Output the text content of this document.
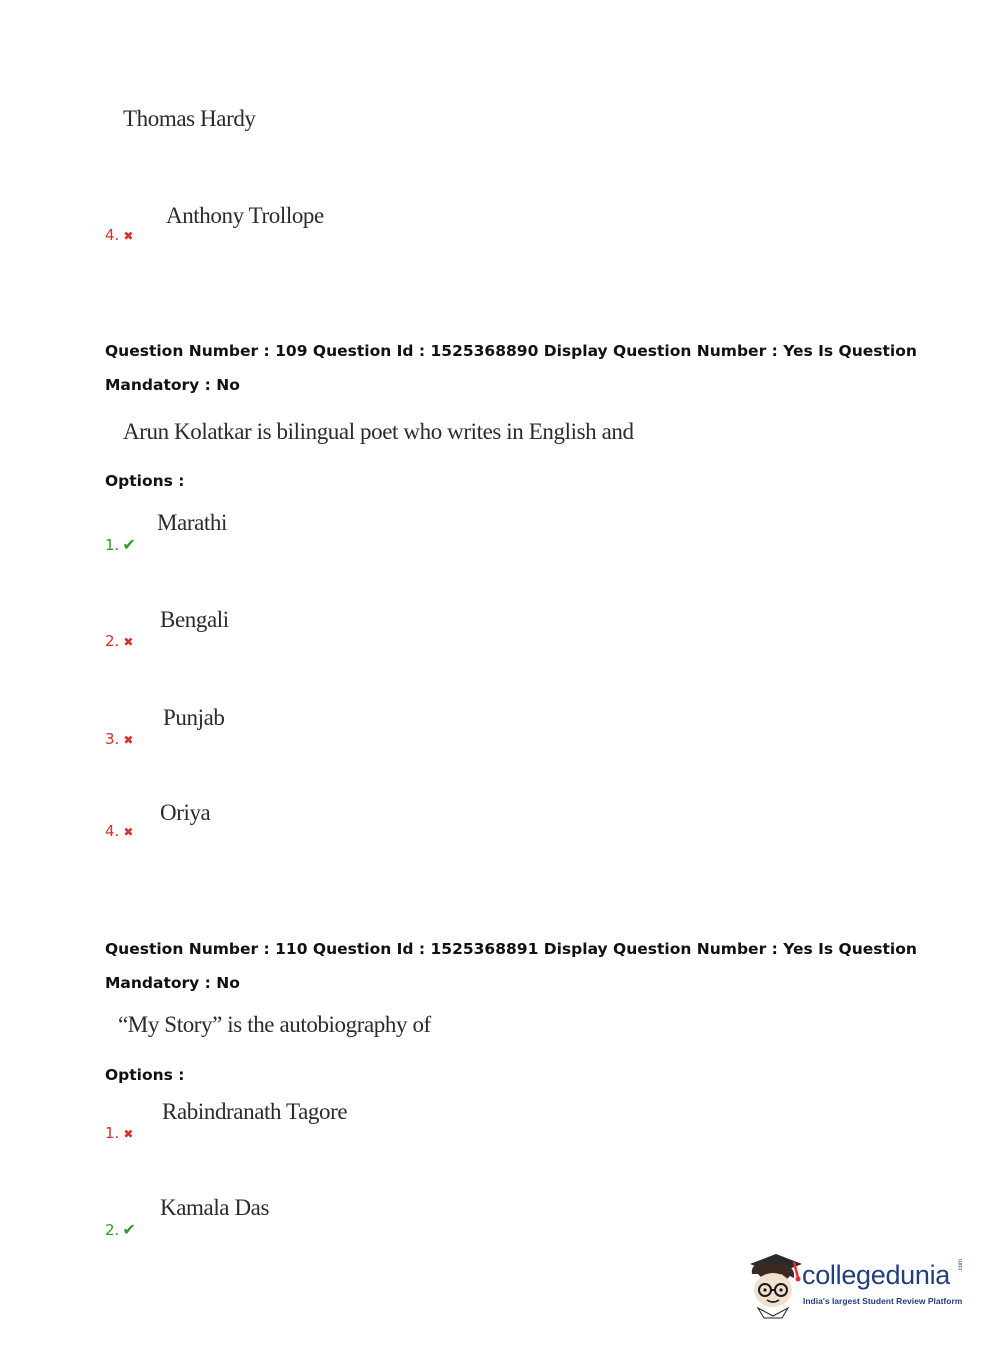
Thomas Hardy
4. ✖
Anthony Trollope
Question Number : 109 Question Id : 1525368890 Display Question Number : Yes Is Question
Mandatory : No
Arun Kolatkar is bilingual poet who writes in English and
Options :
1. ✔
Marathi
2. ✖
Bengali
3. ✖
Punjab
4. ✖
Oriya
Question Number : 110 Question Id : 1525368891 Display Question Number : Yes Is Question
Mandatory : No
“My Story” is the autobiography of
Options :
1. ✖
Rabindranath Tagore
2. ✔
Kamala Das
collegedunia .com
India's largest Student Review Platform
